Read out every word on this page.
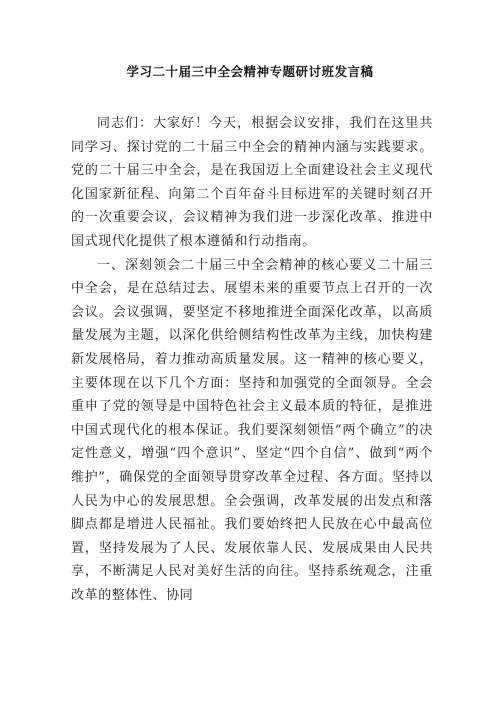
学习二十届三中全会精神专题研讨班发言稿

同志们：大家好！今天，根据会议安排，我们在这里共同学习、探讨党的二十届三中全会的精神内涵与实践要求。党的二十届三中全会，是在我国迈上全面建设社会主义现代化国家新征程、向第二个百年奋斗目标进军的关键时刻召开的一次重要会议，会议精神为我们进一步深化改革、推进中国式现代化提供了根本遵循和行动指南。

一、深刻领会二十届三中全会精神的核心要义二十届三中全会，是在总结过去、展望未来的重要节点上召开的一次会议。会议强调，要坚定不移地推进全面深化改革，以高质量发展为主题，以深化供给侧结构性改革为主线，加快构建新发展格局，着力推动高质量发展。这一精神的核心要义，主要体现在以下几个方面：坚持和加强党的全面领导。全会重申了党的领导是中国特色社会主义最本质的特征，是推进中国式现代化的根本保证。我们要深刻领悟“两个确立”的决定性意义，增强“四个意识”、坚定“四个自信”、做到“两个维护”，确保党的全面领导贯穿改革全过程、各方面。坚持以人民为中心的发展思想。全会强调，改革发展的出发点和落脚点都是增进人民福祉。我们要始终把人民放在心中最高位置，坚持发展为了人民、发展依靠人民、发展成果由人民共享，不断满足人民对美好生活的向往。坚持系统观念，注重改革的整体性、协同
